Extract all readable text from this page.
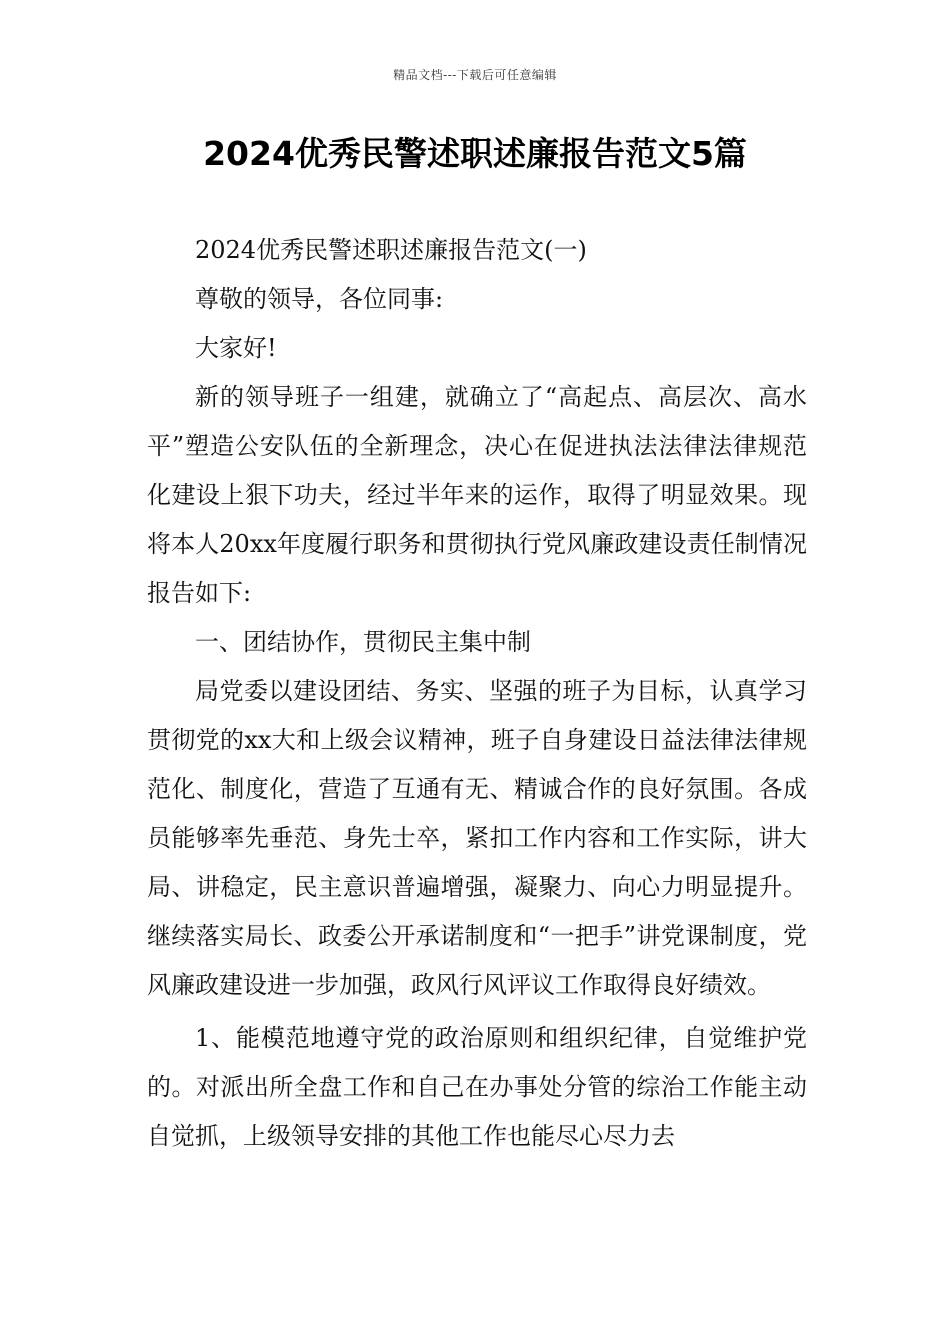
精品文档---下载后可任意编辑
2024优秀民警述职述廉报告范文5篇

2024优秀民警述职述廉报告范文(一)

尊敬的领导，各位同事:

大家好!

新的领导班子一组建，就确立了“高起点、高层次、高水平”塑造公安队伍的全新理念，决心在促进执法法律法律规范化建设上狠下功夫，经过半年来的运作，取得了明显效果。现将本人20xx年度履行职务和贯彻执行党风廉政建设责任制情况报告如下:

一、团结协作，贯彻民主集中制

局党委以建设团结、务实、坚强的班子为目标，认真学习贯彻党的xx大和上级会议精神，班子自身建设日益法律法律规范化、制度化，营造了互通有无、精诚合作的良好氛围。各成员能够率先垂范、身先士卒，紧扣工作内容和工作实际，讲大局、讲稳定，民主意识普遍增强，凝聚力、向心力明显提升。继续落实局长、政委公开承诺制度和“一把手”讲党课制度，党风廉政建设进一步加强，政风行风评议工作取得良好绩效。

1、能模范地遵守党的政治原则和组织纪律，自觉维护党的。对派出所全盘工作和自己在办事处分管的综治工作能主动自觉抓，上级领导安排的其他工作也能尽心尽力去
